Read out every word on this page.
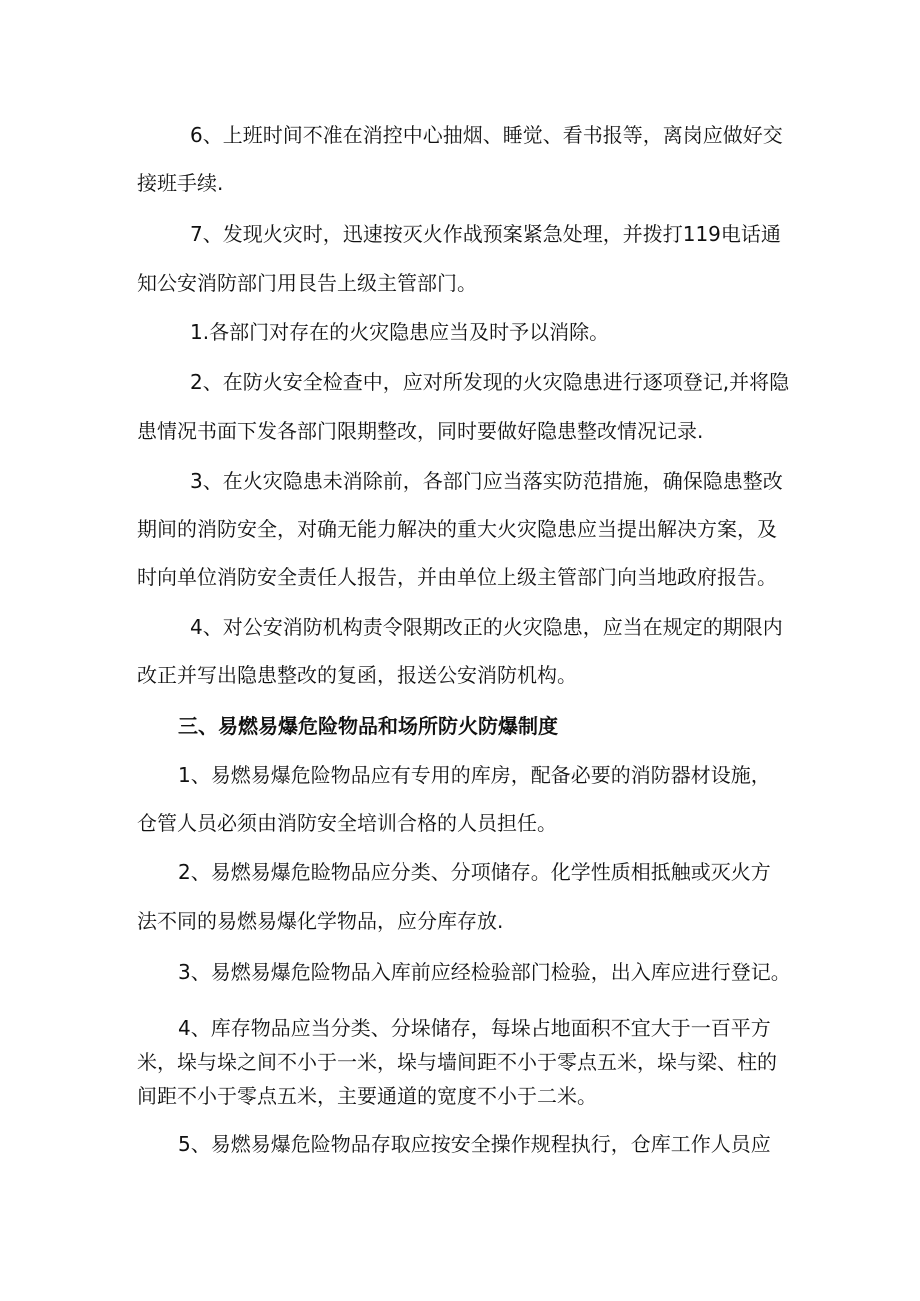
6、上班时间不准在消控中心抽烟、睡觉、看书报等，离岗应做好交
接班手续.
7、发现火灾时，迅速按灭火作战预案紧急处理，并拨打119电话通
知公安消防部门用艮告上级主管部门。
1.各部门对存在的火灾隐患应当及时予以消除。
2、在防火安全检查中，应对所发现的火灾隐患进行逐项登记,并将隐
患情况书面下发各部门限期整改，同时要做好隐患整改情况记录.
3、在火灾隐患未消除前，各部门应当落实防范措施，确保隐患整改
期间的消防安全，对确无能力解决的重大火灾隐患应当提出解决方案，及
时向单位消防安全责任人报告，并由单位上级主管部门向当地政府报告。
4、对公安消防机构责令限期改正的火灾隐患，应当在规定的期限内
改正并写出隐患整改的复函，报送公安消防机构。
三、易燃易爆危险物品和场所防火防爆制度
1、易燃易爆危险物品应有专用的库房，配备必要的消防器材设施，
仓管人员必须由消防安全培训合格的人员担任。
2、易燃易爆危睑物品应分类、分项储存。化学性质相抵触或灭火方
法不同的易燃易爆化学物品，应分库存放.
3、易燃易爆危险物品入库前应经检验部门检验，出入库应进行登记。
4、库存物品应当分类、分垛储存，每垛占地面积不宜大于一百平方
米，垛与垛之间不小于一米，垛与墙间距不小于零点五米，垛与梁、柱的
间距不小于零点五米，主要通道的宽度不小于二米。
5、易燃易爆危险物品存取应按安全操作规程执行，仓库工作人员应
